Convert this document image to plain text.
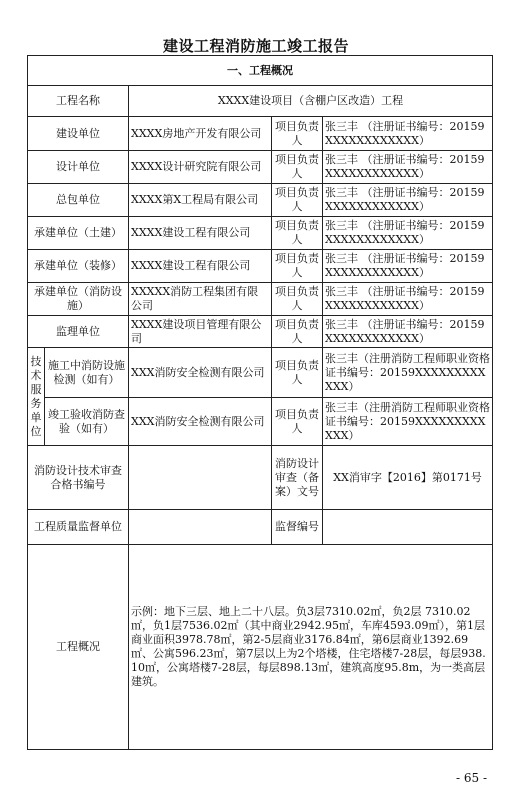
建设工程消防施工竣工报告
一、工程概况				
工程名称		XXXX建设项目（含棚户区改造）工程		
建设单位		XXXX房地产开发有限公司	项目负责人	张三丰 （注册证书编号：20159XXXXXXXXXXXX）
设计单位		XXXX设计研究院有限公司	项目负责人	张三丰 （注册证书编号：20159XXXXXXXXXXXX）
总包单位		XXXX第X工程局有限公司	项目负责人	张三丰 （注册证书编号：20159XXXXXXXXXXXX）
承建单位（土建）		XXXX建设工程有限公司	项目负责人	张三丰 （注册证书编号：20159XXXXXXXXXXXX）
承建单位（装修）		XXXX建设工程有限公司	项目负责人	张三丰 （注册证书编号：20159XXXXXXXXXXXX）
承建单位（消防设施）		XXXXX消防工程集团有限公司	项目负责人	张三丰 （注册证书编号：20159XXXXXXXXXXXX）
监理单位		XXXX建设项目管理有限公司	项目负责人	张三丰 （注册证书编号：20159XXXXXXXXXXXX）
技术服务单位	施工中消防设施检测（如有）	XXX消防安全检测有限公司	项目负责人	张三丰（注册消防工程师职业资格证书编号：20159XXXXXXXXXXXX）
	竣工验收消防查验（如有）	XXX消防安全检测有限公司	项目负责人	张三丰（注册消防工程师职业资格证书编号：20159XXXXXXXXXXXX）
消防设计技术审查合格书编号			消防设计审查（备案）文号	XX消审字【2016】第0171号
工程质量监督单位			监督编号	
工程概况		示例：地下三层、地上二十八层。负3层7310.02㎡，负2层 7310.02㎡，负1层7536.02㎡（其中商业2942.95㎡，车库4593.09㎡），第1层商业面积3978.78㎡，第2-5层商业3176.84㎡，第6层商业1392.69㎡、公寓596.23㎡，第7层以上为2个塔楼，住宅塔楼7-28层，每层938.10㎡，公寓塔楼7-28层，每层898.13㎡，建筑高度95.8m，为一类高层建筑。		
- 65 -
